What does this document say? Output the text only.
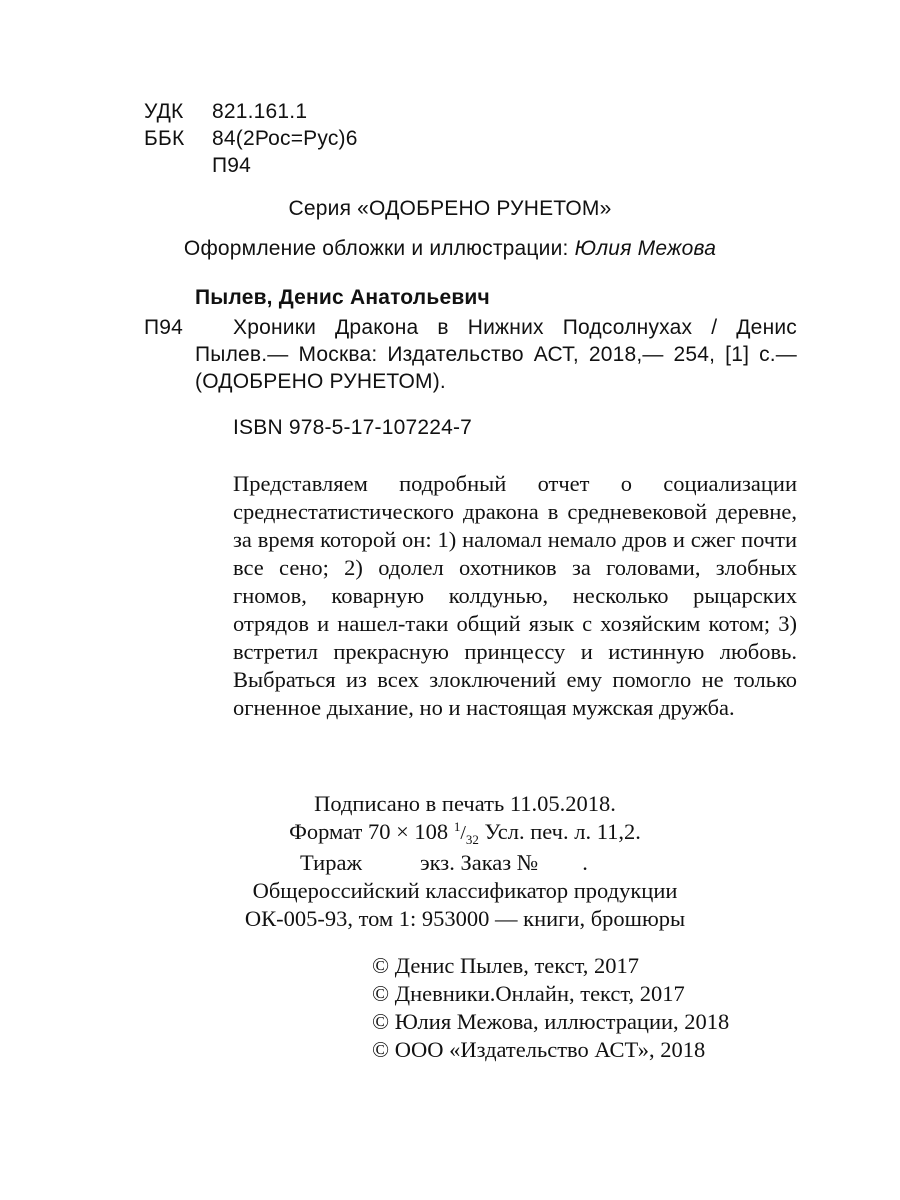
УДК 821.161.1
ББК 84(2Рос=Рус)6
П94
Серия «ОДОБРЕНО РУНЕТОМ»
Оформление обложки и иллюстрации: Юлия Межова
Пылев, Денис Анатольевич
П94	Хроники Дракона в Нижних Подсолнухах / Денис Пылев.— Москва: Издательство АСТ, 2018,— 254, [1] с.— (ОДОБРЕНО РУНЕТОМ).
ISBN 978-5-17-107224-7
Представляем подробный отчет о социализации среднестатистического дракона в средневековой деревне, за время которой он: 1) наломал немало дров и сжег почти все сено; 2) одолел охотников за головами, злобных гномов, коварную колдунью, несколько рыцарских отрядов и нашел-таки общий язык с хозяйским котом; 3) встретил прекрасную принцессу и истинную любовь. Выбраться из всех злоключений ему помогло не только огненное дыхание, но и настоящая мужская дружба.
Подписано в печать 11.05.2018.
Формат 70 × 108 1/32 Усл. печ. л. 11,2.
Тираж	экз. Заказ № .
Общероссийский классификатор продукции
ОК-005-93, том 1: 953000 — книги, брошюры
© Денис Пылев, текст, 2017
© Дневники.Онлайн, текст, 2017
© Юлия Межова, иллюстрации, 2018
© ООО «Издательство АСТ», 2018
